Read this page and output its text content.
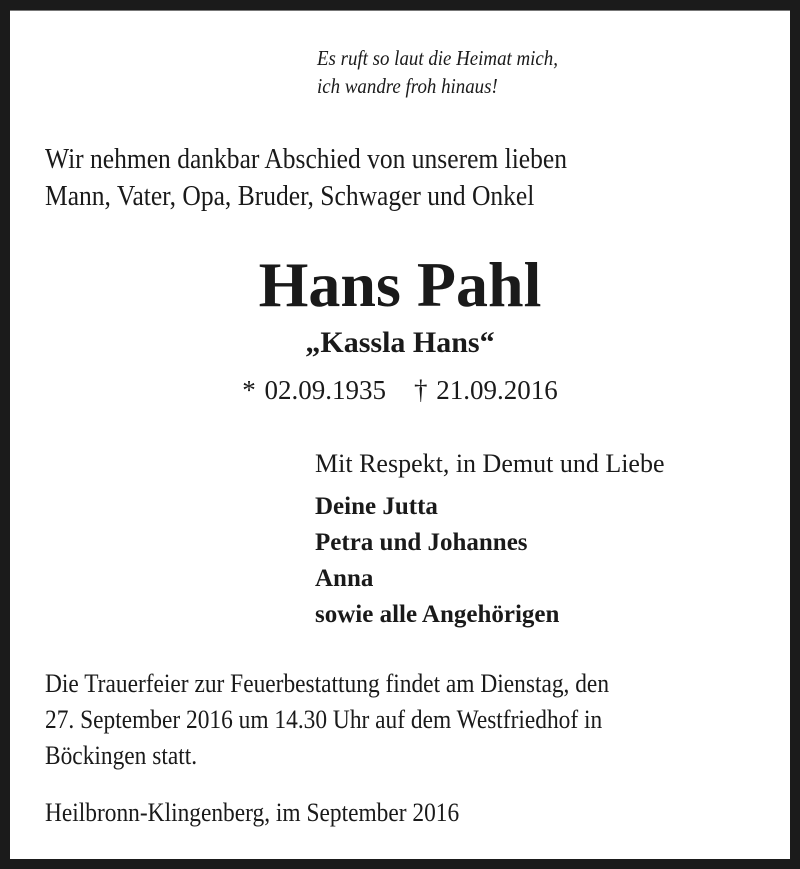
Es ruft so laut die Heimat mich,
ich wandre froh hinaus!
Wir nehmen dankbar Abschied von unserem lieben
Mann, Vater, Opa, Bruder, Schwager und Onkel
Hans Pahl
„Kassla Hans“
* 02.09.1935 † 21.09.2016
Mit Respekt, in Demut und Liebe
Deine Jutta
Petra und Johannes
Anna
sowie alle Angehörigen
Die Trauerfeier zur Feuerbestattung findet am Dienstag, den
27. September 2016 um 14.30 Uhr auf dem Westfriedhof in
Böckingen statt.
Heilbronn-Klingenberg, im September 2016
